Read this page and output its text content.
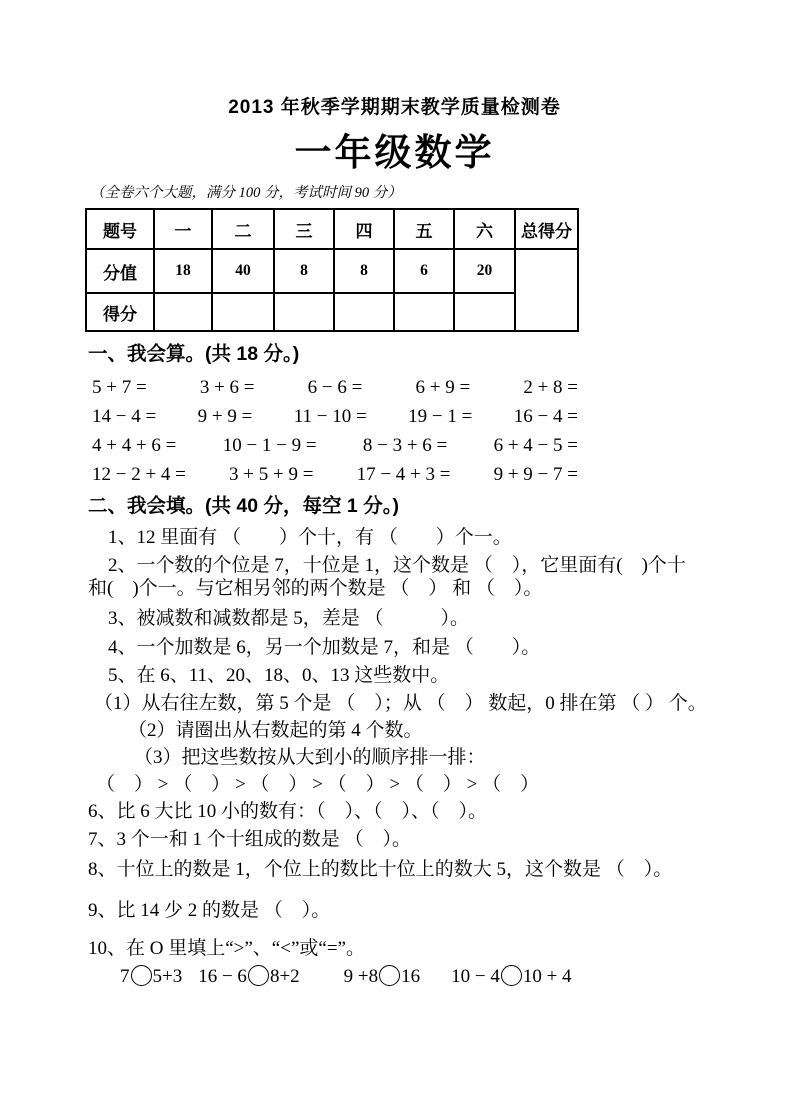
2013 年秋季学期期末教学质量检测卷

一年级数学

（全卷六个大题，满分 100 分，考试时间 90 分）

题号	一	二	三	四	五	六	总得分
分值	18	40	8	8	6	20	
得分							

一、我会算。(共 18 分。)

5 + 7 =	3 + 6 =	6 − 6 =	6 + 9 =	2 + 8 =
14 − 4 = 9 + 9 = 11 − 10 = 19 − 1 = 16 − 4 =
4 + 4 + 6 = 10 − 1 − 9 = 8 − 3 + 6 = 6 + 4 − 5 =
12 − 2 + 4 = 3 + 5 + 9 = 17 − 4 + 3 = 9 + 9 − 7 =

二、我会填。(共 40 分，每空 1 分。)

1、12 里面有 （　　）个十，有 （　　）个一。

2、一个数的个位是 7，十位是 1，这个数是 （　），它里面有(　)个十

和(　)个一。与它相另邻的两个数是 （　） 和 （　）。

3、被减数和减数都是 5，差是 （　　　）。

4、一个加数是 6，另一个加数是 7，和是 （　　）。

5、在 6、11、20、18、0、13 这些数中。

（1）从右往左数，第 5 个是 （　）；从 （　） 数起，0 排在第 （ ） 个。

（2）请圈出从右数起的第 4 个数。

（3）把这些数按从大到小的顺序排一排：

（　） > （　） > （　） > （　） > （　） > （　）

6、比 6 大比 10 小的数有：（　）、（　）、（　）。

7、3 个一和 1 个十组成的数是 （　）。

8、十位上的数是 1，个位上的数比十位上的数大 5，这个数是 （　）。

9、比 14 少 2 的数是 （　）。

10、在 O 里填上“>”、“<”或“=”。

7 5+3 16 − 6 8+2 9 +8 16 10 − 4 10 + 4
